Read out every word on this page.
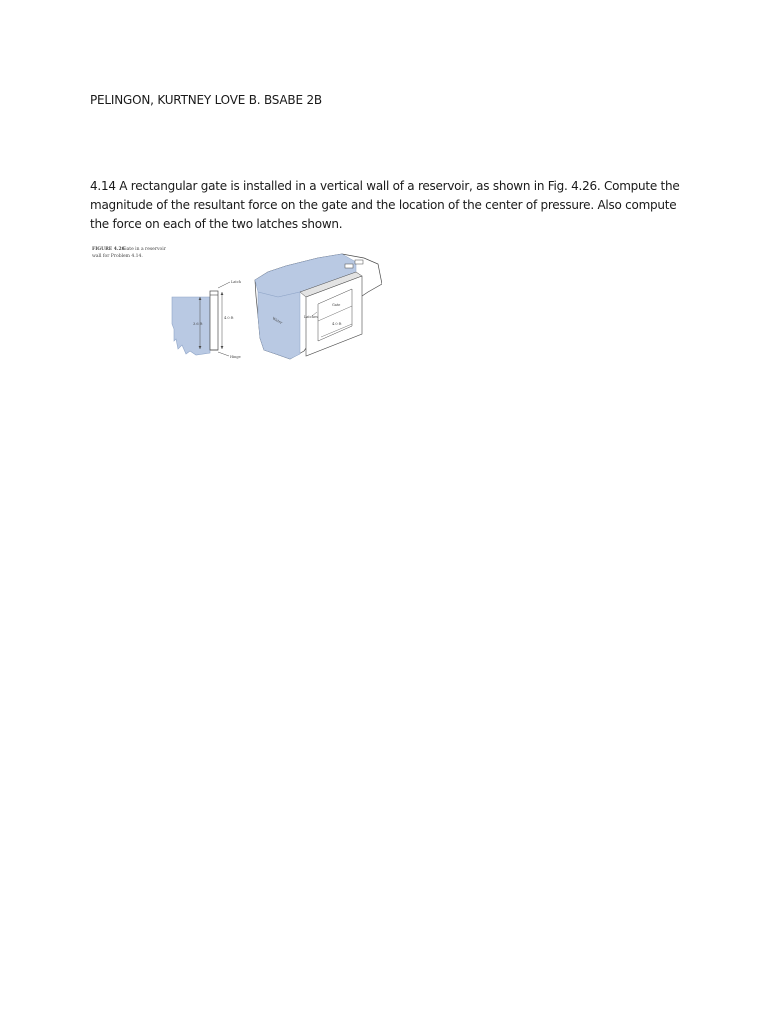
PELINGON, KURTNEY LOVE B. BSABE 2B

4.14 A rectangular gate is installed in a vertical wall of a reservoir, as shown in Fig. 4.26. Compute the magnitude of the resultant force on the gate and the location of the center of pressure. Also compute the force on each of the two latches shown.

FIGURE 4.26
Gate in a reservoir
wall for Problem 4.14.
3.6 ft
4.0 ft
Latch
Hinge
Gate
Latches
4.0 ft
Water
